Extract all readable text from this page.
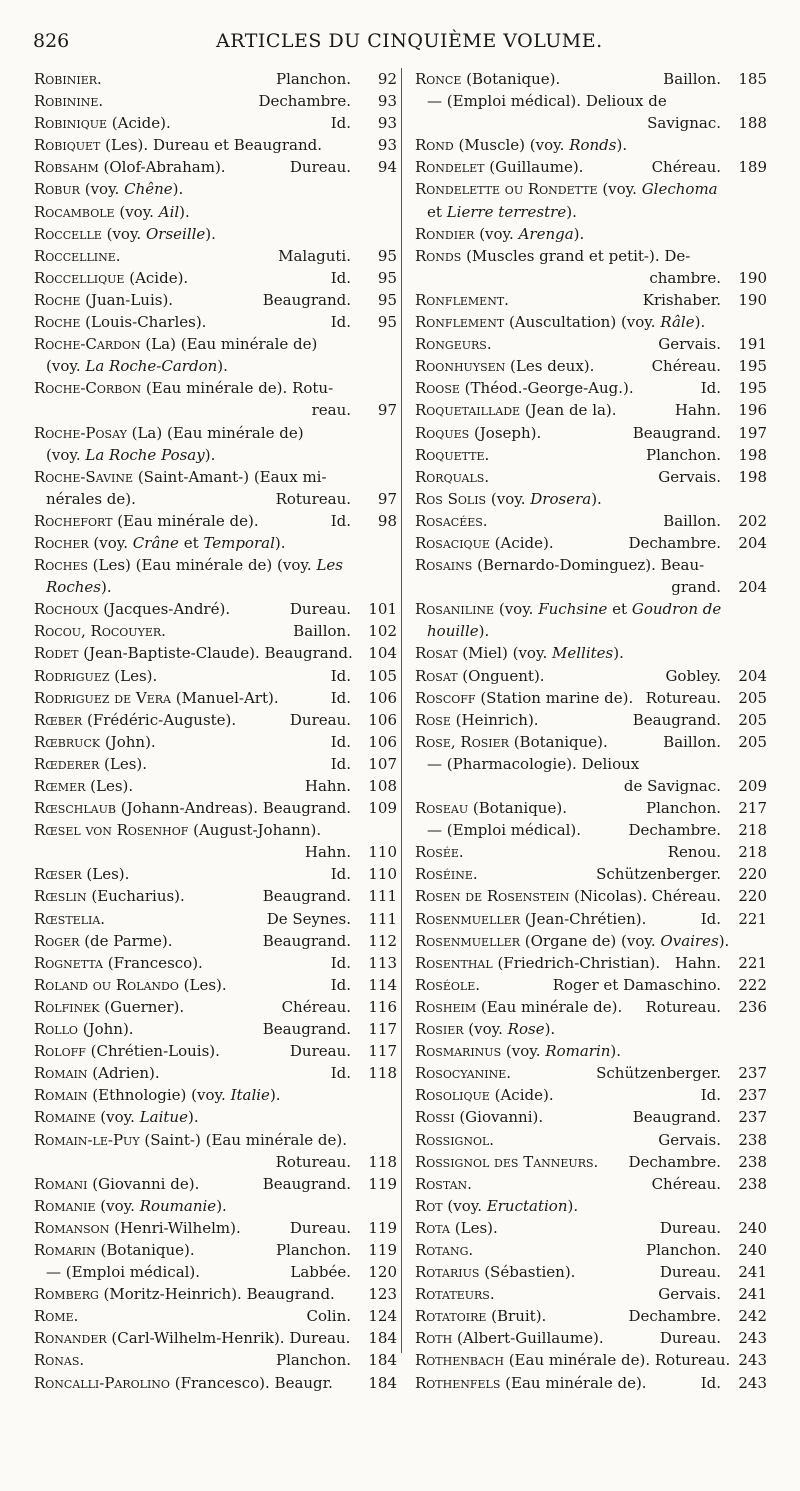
826	ARTICLES DU CINQUIÈME VOLUME.
Robinier.	Planchon.	92
Robinine.	Dechambre.	93
Robinique (Acide).	Id.	93
Robiquet (Les). Dureau et Beaugrand.	93
Robsahm (Olof-Abraham).	Dureau.	94
Robur (voy. Chêne).
Rocambole (voy. Ail).
Roccelle (voy. Orseille).
Roccelline.	Malaguti.	95
Roccellique (Acide).	Id.	95
Roche (Juan-Luis).	Beaugrand.	95
Roche (Louis-Charles).	Id.	95
Roche-Cardon (La) (Eau minérale de)
(voy. La Roche-Cardon).
Roche-Corbon (Eau minérale de). Rotu-
reau.	97
Roche-Posay (La) (Eau minérale de)
(voy. La Roche Posay).
Roche-Savine (Saint-Amant-) (Eaux mi-
nérales de).	Rotureau.	97
Rochefort (Eau minérale de).	Id.	98
Rocher (voy. Crâne et Temporal).
Roches (Les) (Eau minérale de) (voy. Les
Roches).
Rochoux (Jacques-André).	Dureau.	101
Rocou, Rocouyer.	Baillon.	102
Rodet (Jean-Baptiste-Claude). Beaugrand.	104
Rodriguez (Les).	Id.	105
Rodriguez de Vera (Manuel-Art).	Id.	106
Rœber (Frédéric-Auguste).	Dureau.	106
Rœbruck (John).	Id.	106
Rœderer (Les).	Id.	107
Rœmer (Les).	Hahn.	108
Rœschlaub (Johann-Andreas). Beaugrand.	109
Rœsel von Rosenhof (August-Johann).
Hahn.	110
Rœser (Les).	Id.	110
Rœslin (Eucharius).	Beaugrand.	111
Rœstelia.	De Seynes.	111
Roger (de Parme).	Beaugrand.	112
Rognetta (Francesco).	Id.	113
Roland ou Rolando (Les).	Id.	114
Rolfinek (Guerner).	Chéreau.	116
Rollo (John).	Beaugrand.	117
Roloff (Chrétien-Louis).	Dureau.	117
Romain (Adrien).	Id.	118
Romain (Ethnologie) (voy. Italie).
Romaine (voy. Laitue).
Romain-le-Puy (Saint-) (Eau minérale de).
Rotureau.	118
Romani (Giovanni de).	Beaugrand.	119
Romanie (voy. Roumanie).
Romanson (Henri-Wilhelm).	Dureau.	119
Romarin (Botanique).	Planchon.	119
— (Emploi médical).	Labbée.	120
Romberg (Moritz-Heinrich). Beaugrand.	123
Rome.	Colin.	124
Ronander (Carl-Wilhelm-Henrik). Dureau.	184
Ronas.	Planchon.	184
Roncalli-Parolino (Francesco). Beaugr.	184
Ronce (Botanique).	Baillon.	185
— (Emploi médical). Delioux de
Savignac.	188
Rond (Muscle) (voy. Ronds).
Rondelet (Guillaume).	Chéreau.	189
Rondelette ou Rondette (voy. Glechoma
et Lierre terrestre).
Rondier (voy. Arenga).
Ronds (Muscles grand et petit-). De-
chambre.	190
Ronflement.	Krishaber.	190
Ronflement (Auscultation) (voy. Râle).
Rongeurs.	Gervais.	191
Roonhuysen (Les deux).	Chéreau.	195
Roose (Théod.-George-Aug.).	Id.	195
Roquetaillade (Jean de la).	Hahn.	196
Roques (Joseph).	Beaugrand.	197
Roquette.	Planchon.	198
Rorquals.	Gervais.	198
Ros Solis (voy. Drosera).
Rosacées.	Baillon.	202
Rosacique (Acide).	Dechambre.	204
Rosains (Bernardo-Dominguez). Beau-
grand.	204
Rosaniline (voy. Fuchsine et Goudron de
houille).
Rosat (Miel) (voy. Mellites).
Rosat (Onguent).	Gobley.	204
Roscoff (Station marine de). Rotureau.	205
Rose (Heinrich).	Beaugrand.	205
Rose, Rosier (Botanique).	Baillon.	205
— (Pharmacologie). Delioux
de Savignac.	209
Roseau (Botanique).	Planchon.	217
— (Emploi médical).	Dechambre.	218
Rosée.	Renou.	218
Roséine.	Schützenberger.	220
Rosen de Rosenstein (Nicolas). Chéreau.	220
Rosenmueller (Jean-Chrétien).	Id.	221
Rosenmueller (Organe de) (voy. Ovaires).
Rosenthal (Friedrich-Christian). Hahn.	221
Roséole.	Roger et Damaschino.	222
Rosheim (Eau minérale de). Rotureau.	236
Rosier (voy. Rose).
Rosmarinus (voy. Romarin).
Rosocyanine.	Schützenberger.	237
Rosolique (Acide).	Id.	237
Rossi (Giovanni).	Beaugrand.	237
Rossignol.	Gervais.	238
Rossignol des Tanneurs. Dechambre.	238
Rostan.	Chéreau.	238
Rot (voy. Eructation).
Rota (Les).	Dureau.	240
Rotang.	Planchon.	240
Rotarius (Sébastien).	Dureau.	241
Rotateurs.	Gervais.	241
Rotatoire (Bruit).	Dechambre.	242
Roth (Albert-Guillaume).	Dureau.	243
Rothenbach (Eau minérale de). Rotureau. 243
Rothenfels (Eau minérale de).	Id.	243
